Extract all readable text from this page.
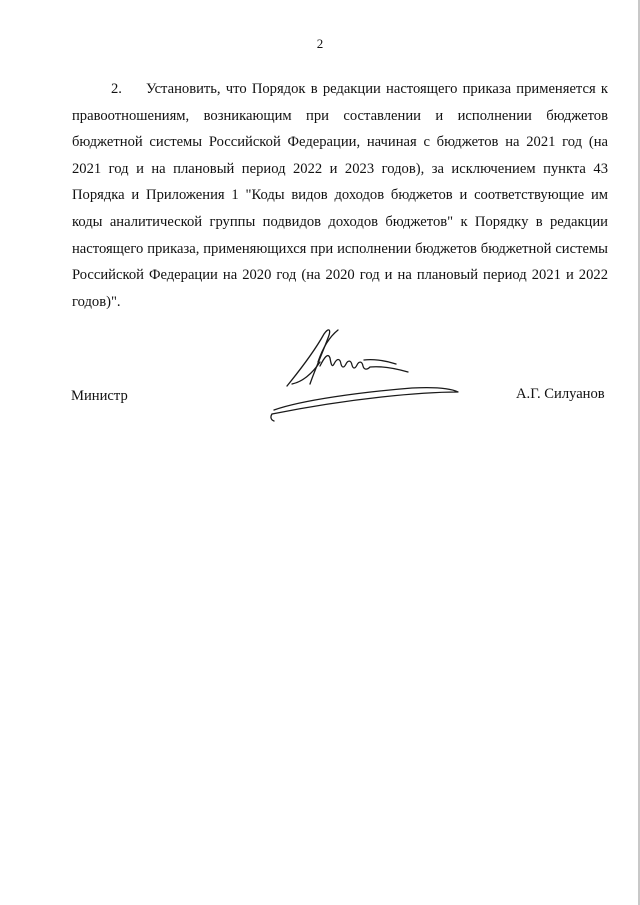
2

2. Установить, что Порядок в редакции настоящего приказа применяется к правоотношениям, возникающим при составлении и исполнении бюджетов бюджетной системы Российской Федерации, начиная с бюджетов на 2021 год (на 2021 год и на плановый период 2022 и 2023 годов), за исключением пункта 43 Порядка и Приложения 1 "Коды видов доходов бюджетов и соответствующие им коды аналитической группы подвидов доходов бюджетов" к Порядку в редакции настоящего приказа, применяющихся при исполнении бюджетов бюджетной системы Российской Федерации на 2020 год (на 2020 год и на плановый период 2021 и 2022 годов)".

Министр	А.Г. Силуанов
